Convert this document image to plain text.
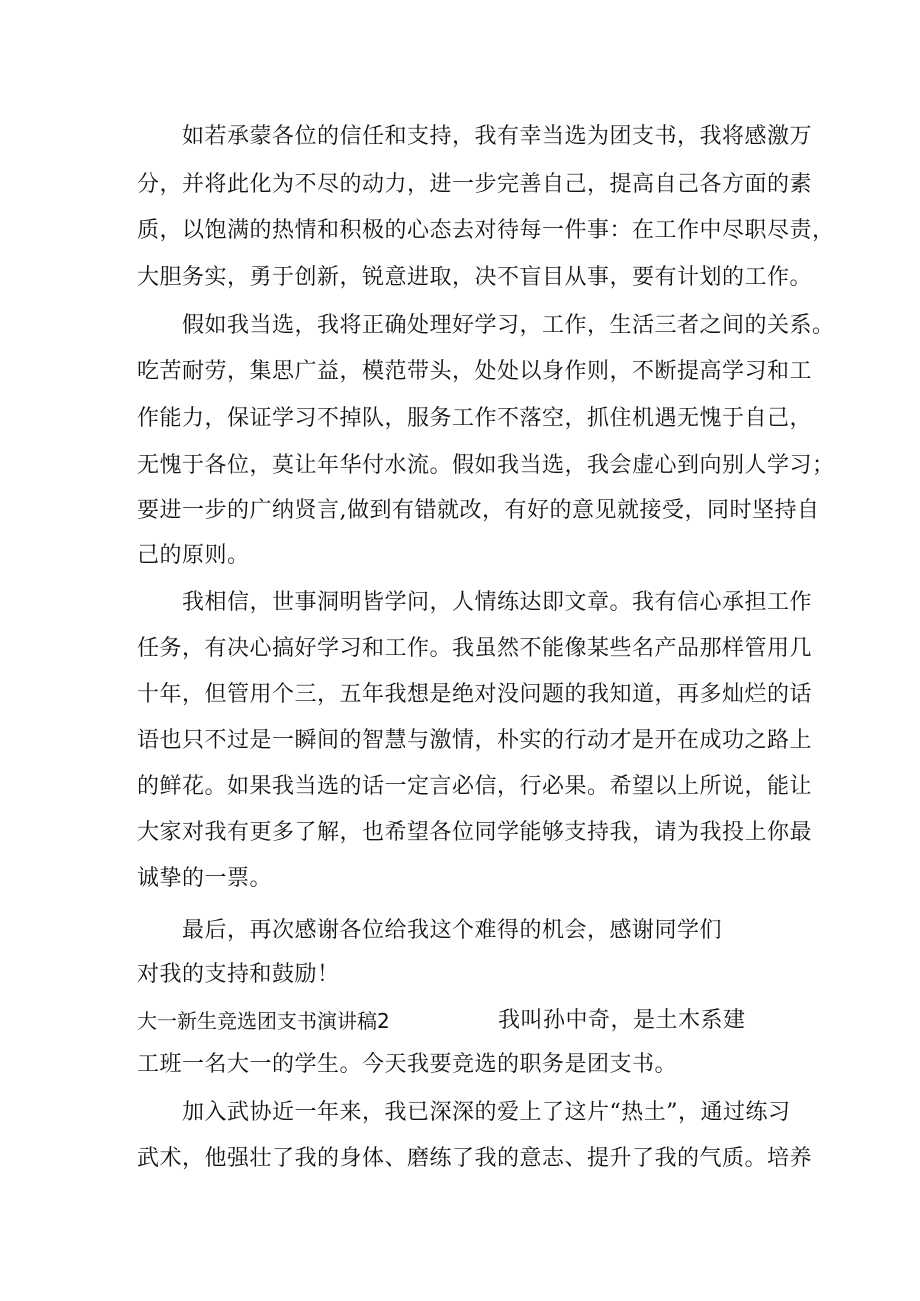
如若承蒙各位的信任和支持，我有幸当选为团支书，我将感激万
分，并将此化为不尽的动力，进一步完善自己，提高自己各方面的素
质，以饱满的热情和积极的心态去对待每一件事：在工作中尽职尽责，
大胆务实，勇于创新，锐意进取，决不盲目从事，要有计划的工作。
假如我当选，我将正确处理好学习，工作，生活三者之间的关系。
吃苦耐劳，集思广益，模范带头，处处以身作则，不断提高学习和工
作能力，保证学习不掉队，服务工作不落空，抓住机遇无愧于自己，
无愧于各位，莫让年华付水流。假如我当选，我会虚心到向别人学习；
要进一步的广纳贤言,做到有错就改，有好的意见就接受，同时坚持自
己的原则。
我相信，世事洞明皆学问，人情练达即文章。我有信心承担工作
任务，有决心搞好学习和工作。我虽然不能像某些名产品那样管用几
十年，但管用个三，五年我想是绝对没问题的我知道，再多灿烂的话
语也只不过是一瞬间的智慧与激情，朴实的行动才是开在成功之路上
的鲜花。如果我当选的话一定言必信，行必果。希望以上所说，能让
大家对我有更多了解，也希望各位同学能够支持我，请为我投上你最
诚挚的一票。
最后，再次感谢各位给我这个难得的机会，感谢同学们
对我的支持和鼓励！
大一新生竞选团支书演讲稿2	我叫孙中奇，是土木系建
工班一名大一的学生。今天我要竞选的职务是团支书。
加入武协近一年来，我已深深的爱上了这片“热土”，通过练习
武术，他强壮了我的身体、磨练了我的意志、提升了我的气质。培养
